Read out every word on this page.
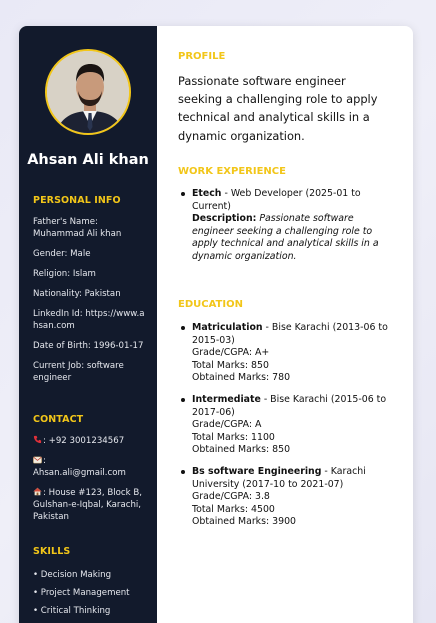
Ahsan Ali khan
PERSONAL INFO
Father's Name: Muhammad Ali khan
Gender: Male
Religion: Islam
Nationality: Pakistan
LinkedIn Id: https://www.ahsan.com
Date of Birth: 1996-01-17
Current Job: software engineer
CONTACT
: +92 3001234567
:
Ahsan.ali@gmail.com
: House #123, Block B, Gulshan-e-Iqbal, Karachi, Pakistan
SKILLS
• Decision Making
• Project Management
• Critical Thinking
PROFILE
Passionate software engineer seeking a challenging role to apply technical and analytical skills in a dynamic organization.
WORK EXPERIENCE
Etech - Web Developer (2025-01 to Current)
Description: Passionate software engineer seeking a challenging role to apply technical and analytical skills in a dynamic organization.
EDUCATION
Matriculation - Bise Karachi (2013-06 to 2015-03)
Grade/CGPA: A+
Total Marks: 850
Obtained Marks: 780
Intermediate - Bise Karachi (2015-06 to 2017-06)
Grade/CGPA: A
Total Marks: 1100
Obtained Marks: 850
Bs software Engineering - Karachi University (2017-10 to 2021-07)
Grade/CGPA: 3.8
Total Marks: 4500
Obtained Marks: 3900
